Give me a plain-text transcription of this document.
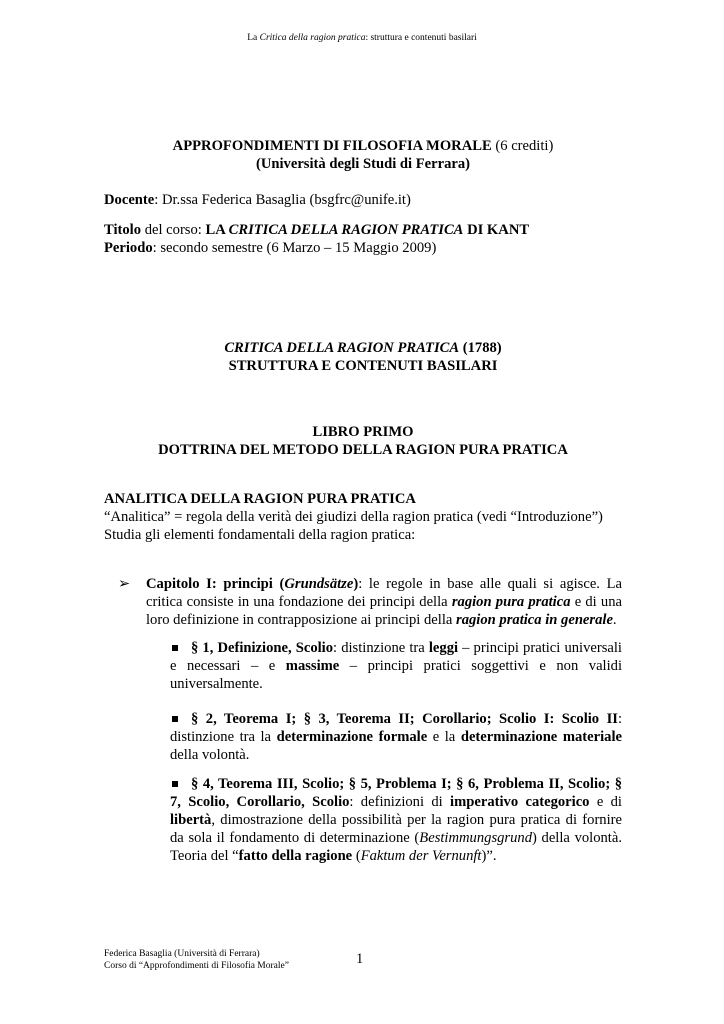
La Critica della ragion pratica: struttura e contenuti basilari

APPROFONDIMENTI DI FILOSOFIA MORALE (6 crediti)

(Università degli Studi di Ferrara)

Docente: Dr.ssa Federica Basaglia (bsgfrc@unife.it)

Titolo del corso: LA CRITICA DELLA RAGION PRATICA DI KANT

Periodo: secondo semestre (6 Marzo – 15 Maggio 2009)

CRITICA DELLA RAGION PRATICA (1788)

STRUTTURA E CONTENUTI BASILARI

LIBRO PRIMO

DOTTRINA DEL METODO DELLA RAGION PURA PRATICA

ANALITICA DELLA RAGION PURA PRATICA

“Analitica” = regola della verità dei giudizi della ragion pratica (vedi “Introduzione”)

Studia gli elementi fondamentali della ragion pratica:

➢ Capitolo I: principi (Grundsätze): le regole in base alle quali si agisce. La critica consiste in una fondazione dei principi della ragion pura pratica e di una loro definizione in contrapposizione ai principi della ragion pratica in generale.

§ 1, Definizione, Scolio: distinzione tra leggi – principi pratici universali e necessari – e massime – principi pratici soggettivi e non validi universalmente.
§ 2, Teorema I; § 3, Teorema II; Corollario; Scolio I: Scolio II: distinzione tra la determinazione formale e la determinazione materiale della volontà.
§ 4, Teorema III, Scolio; § 5, Problema I; § 6, Problema II, Scolio; § 7, Scolio, Corollario, Scolio: definizioni di imperativo categorico e di libertà, dimostrazione della possibilità per la ragion pura pratica di fornire da sola il fondamento di determinazione (Bestimmungsgrund) della volontà. Teoria del “fatto della ragione (Faktum der Vernunft)”.
Federica Basaglia (Università di Ferrara)
Corso di “Approfondimenti di Filosofia Morale”	1
